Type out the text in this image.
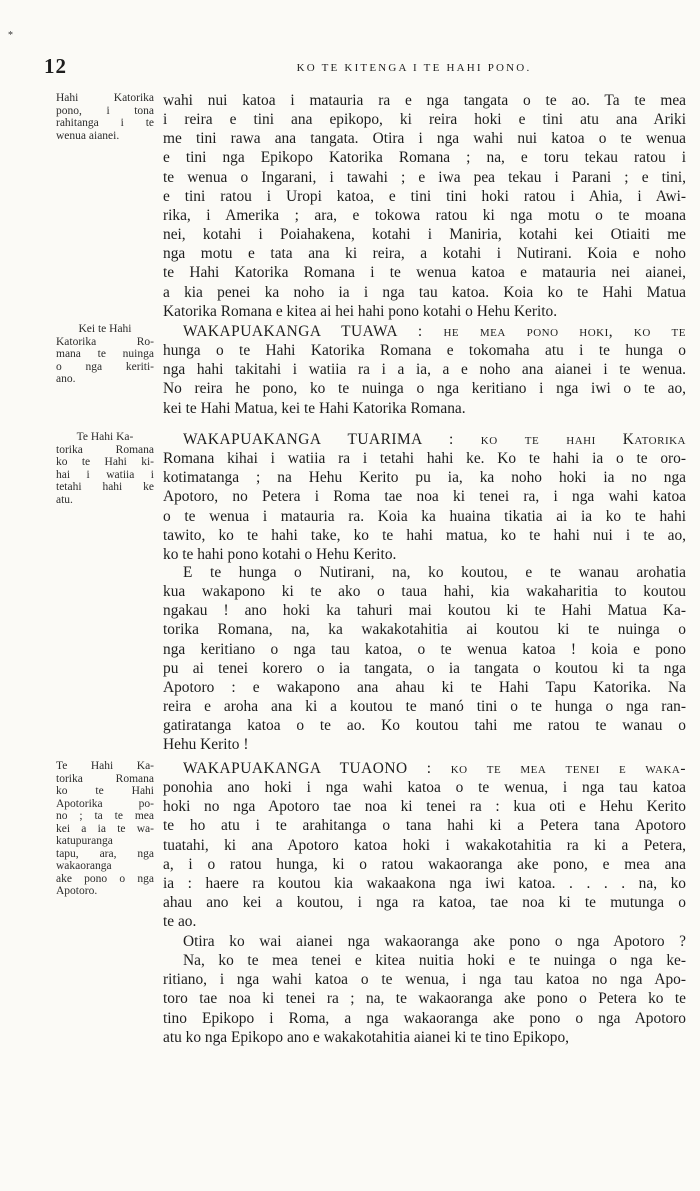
*
12	KO TE KITENGA I TE HAHI PONO.
Hahi Katorika
pono, i tona
rahitanga i te
wenua aianei.
wahi nui katoa i matauria ra e nga tangata o te ao. Ta te mea
i reira e tini ana epikopo, ki reira hoki e tini atu ana Ariki
me tini rawa ana tangata. Otira i nga wahi nui katoa o te wenua
e tini nga Epikopo Katorika Romana ; na, e toru tekau ratou i
te wenua o Ingarani, i tawahi ; e iwa pea tekau i Parani ; e tini,
e tini ratou i Uropi katoa, e tini tini hoki ratou i Ahia, i Awi-
rika, i Amerika ; ara, e tokowa ratou ki nga motu o te moana
nei, kotahi i Poiahakena, kotahi i Maniria, kotahi kei Otiaiti me
nga motu e tata ana ki reira, a kotahi i Nutirani. Koia e noho
te Hahi Katorika Romana i te wenua katoa e matauria nei aianei,
a kia penei ka noho ia i nga tau katoa. Koia ko te Hahi Matua
Katorika Romana e kitea ai hei hahi pono kotahi o Hehu Kerito.
Kei te Hahi
Katorika Ro-
mana te nuinga
o nga keriti-
ano.
WAKAPUAKANGA TUAWA : he mea pono hoki, ko te
hunga o te Hahi Katorika Romana e tokomaha atu i te hunga o
nga hahi takitahi i watiia ra i a ia, a e noho ana aianei i te wenua.
No reira he pono, ko te nuinga o nga keritiano i nga iwi o te ao,
kei te Hahi Matua, kei te Hahi Katorika Romana.
Te Hahi Ka-
torika Romana
ko te Hahi ki-
hai i watiia i
tetahi hahi ke
atu.
WAKAPUAKANGA TUARIMA : ko te hahi Katorika
Romana kihai i watiia ra i tetahi hahi ke. Ko te hahi ia o te oro-
kotimatanga ; na Hehu Kerito pu ia, ka noho hoki ia no nga
Apotoro, no Petera i Roma tae noa ki tenei ra, i nga wahi katoa
o te wenua i matauria ra. Koia ka huaina tikatia ai ia ko te hahi
tawito, ko te hahi take, ko te hahi matua, ko te hahi nui i te ao,
ko te hahi pono kotahi o Hehu Kerito.
E te hunga o Nutirani, na, ko koutou, e te wanau arohatia
kua wakapono ki te ako o taua hahi, kia wakaharitia to koutou
ngakau ! ano hoki ka tahuri mai koutou ki te Hahi Matua Ka-
torika Romana, na, ka wakakotahitia ai koutou ki te nuinga o
nga keritiano o nga tau katoa, o te wenua katoa ! koia e pono
pu ai tenei korero o ia tangata, o ia tangata o koutou ki ta nga
Apotoro : e wakapono ana ahau ki te Hahi Tapu Katorika. Na
reira e aroha ana ki a koutou te manó tini o te hunga o nga ran-
gatiratanga katoa o te ao. Ko koutou tahi me ratou te wanau o
Hehu Kerito !
Te Hahi Ka-
torika Romana
ko te Hahi
Apotorika po-
no ; ta te mea
kei a ia te wa-
katupuranga
tapu, ara, nga
wakaoranga
ake pono o nga
Apotoro.
WAKAPUAKANGA TUAONO : ko te mea tenei e waka-
ponohia ano hoki i nga wahi katoa o te wenua, i nga tau katoa
hoki no nga Apotoro tae noa ki tenei ra : kua oti e Hehu Kerito
te ho atu i te arahitanga o tana hahi ki a Petera tana Apotoro
tuatahi, ki ana Apotoro katoa hoki i wakakotahitia ra ki a Petera,
a, i o ratou hunga, ki o ratou wakaoranga ake pono, e mea ana
ia : haere ra koutou kia wakaakona nga iwi katoa. . . . . na, ko
ahau ano kei a koutou, i nga ra katoa, tae noa ki te mutunga o
te ao.
Otira ko wai aianei nga wakaoranga ake pono o nga Apotoro ?
Na, ko te mea tenei e kitea nuitia hoki e te nuinga o nga ke-
ritiano, i nga wahi katoa o te wenua, i nga tau katoa no nga Apo-
toro tae noa ki tenei ra ; na, te wakaoranga ake pono o Petera ko te
tino Epikopo i Roma, a nga wakaoranga ake pono o nga Apotoro
atu ko nga Epikopo ano e wakakotahitia aianei ki te tino Epikopo,
